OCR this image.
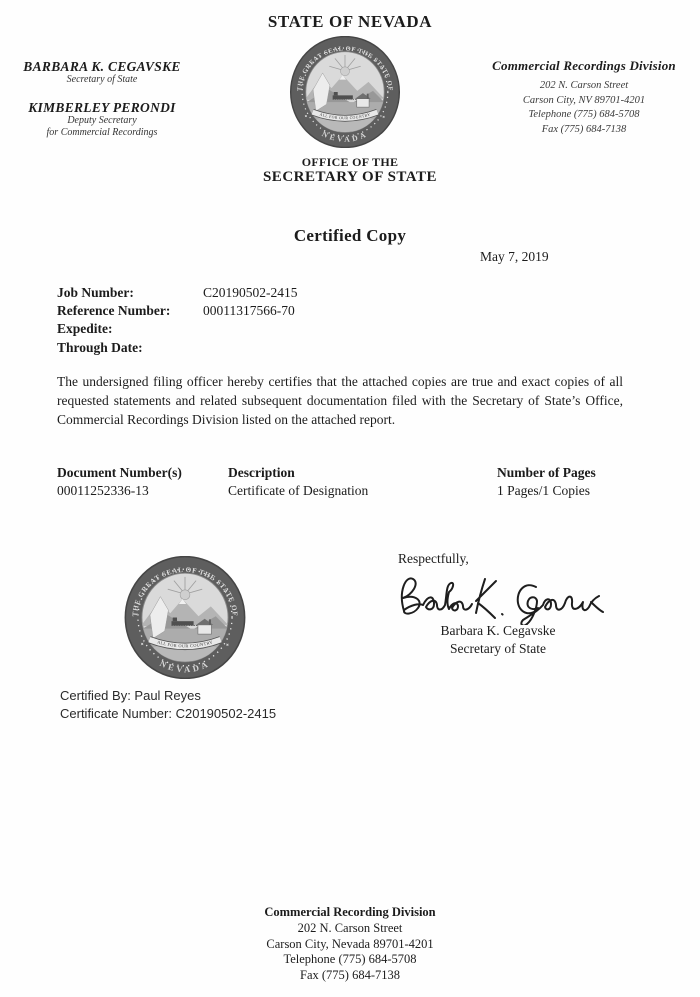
STATE OF NEVADA
BARBARA K. CEGAVSKE
Secretary of State
KIMBERLEY PERONDI
Deputy Secretary
for Commercial Recordings
Commercial Recordings Division
202 N. Carson Street
Carson City, NV 89701-4201
Telephone (775) 684-5708
Fax (775) 684-7138
OFFICE OF THE
SECRETARY OF STATE
Certified Copy
May 7, 2019
Job Number:	C20190502-2415
Reference Number: 00011317566-70
Expedite:
Through Date:
The undersigned filing officer hereby certifies that the attached copies are true and exact copies of all requested statements and related subsequent documentation filed with the Secretary of State’s Office, Commercial Recordings Division listed on the attached report.
Document Number(s)	Description	Number of Pages
00011252336-13	Certificate of Designation	1 Pages/1 Copies
Respectfully,
Barbara K. Cegavske
Secretary of State
Certified By: Paul Reyes
Certificate Number: C20190502-2415
Commercial Recording Division
202 N. Carson Street
Carson City, Nevada 89701-4201
Telephone (775) 684-5708
Fax (775) 684-7138
